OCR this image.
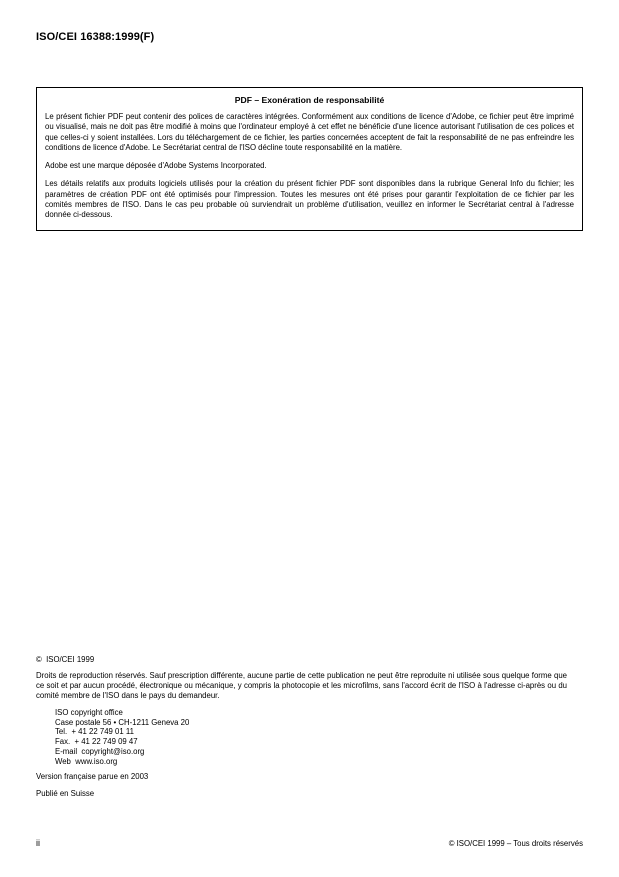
ISO/CEI 16388:1999(F)
PDF – Exonération de responsabilité

Le présent fichier PDF peut contenir des polices de caractères intégrées. Conformément aux conditions de licence d'Adobe, ce fichier peut être imprimé ou visualisé, mais ne doit pas être modifié à moins que l'ordinateur employé à cet effet ne bénéficie d'une licence autorisant l'utilisation de ces polices et que celles-ci y soient installées. Lors du téléchargement de ce fichier, les parties concernées acceptent de fait la responsabilité de ne pas enfreindre les conditions de licence d'Adobe. Le Secrétariat central de l'ISO décline toute responsabilité en la matière.

Adobe est une marque déposée d'Adobe Systems Incorporated.

Les détails relatifs aux produits logiciels utilisés pour la création du présent fichier PDF sont disponibles dans la rubrique General Info du fichier; les paramètres de création PDF ont été optimisés pour l'impression. Toutes les mesures ont été prises pour garantir l'exploitation de ce fichier par les comités membres de l'ISO. Dans le cas peu probable où surviendrait un problème d'utilisation, veuillez en informer le Secrétariat central à l'adresse donnée ci-dessous.

©  ISO/CEI 1999

Droits de reproduction réservés. Sauf prescription différente, aucune partie de cette publication ne peut être reproduite ni utilisée sous quelque forme que ce soit et par aucun procédé, électronique ou mécanique, y compris la photocopie et les microfilms, sans l'accord écrit de l'ISO à l'adresse ci-après ou du comité membre de l'ISO dans le pays du demandeur.

ISO copyright office
Case postale 56 • CH-1211 Geneva 20
Tel.  + 41 22 749 01 11
Fax.  + 41 22 749 09 47
E-mail  copyright@iso.org
Web  www.iso.org

Version française parue en 2003

Publié en Suisse

ii	© ISO/CEI 1999 – Tous droits réservés
